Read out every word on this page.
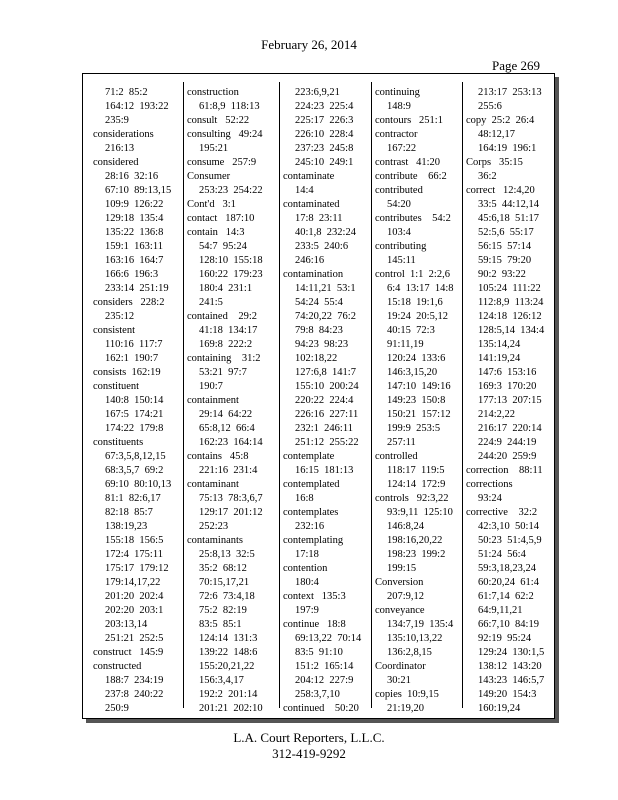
February 26, 2014
Page 269
71:2  85:2
164:12  193:22
235:9
considerations
216:13
considered
28:16  32:16
67:10  89:13,15
109:9  126:22
129:18  135:4
135:22  136:8
159:1  163:11
163:16  164:7
166:6  196:3
233:14  251:19
considers   228:2
235:12
consistent
110:16  117:7
162:1  190:7
consists  162:19
constituent
140:8  150:14
167:5  174:21
174:22  179:8
constituents
67:3,5,8,12,15
68:3,5,7  69:2
69:10  80:10,13
81:1  82:6,17
82:18  85:7
138:19,23
155:18  156:5
172:4  175:11
175:17  179:12
179:14,17,22
201:20  202:4
202:20  203:1
203:13,14
251:21  252:5
construct   145:9
constructed
188:7  234:19
237:8  240:22
250:9
construction
61:8,9  118:13
consult   52:22
consulting   49:24
195:21
consume   257:9
Consumer
253:23  254:22
Cont'd   3:1
contact   187:10
contain   14:3
54:7  95:24
128:10  155:18
160:22  179:23
180:4  231:1
241:5
contained    29:2
41:18  134:17
169:8  222:2
containing    31:2
53:21  97:7
190:7
containment
29:14  64:22
65:8,12  66:4
162:23  164:14
contains   45:8
221:16  231:4
contaminant
75:13  78:3,6,7
129:17  201:12
252:23
contaminants
25:8,13  32:5
35:2  68:12
70:15,17,21
72:6  73:4,18
75:2  82:19
83:5  85:1
124:14  131:3
139:22  148:6
155:20,21,22
156:3,4,17
192:2  201:14
201:21  202:10
223:6,9,21
224:23  225:4
225:17  226:3
226:10  228:4
237:23  245:8
245:10  249:1
contaminate
14:4
contaminated
17:8  23:11
40:1,8  232:24
233:5  240:6
246:16
contamination
14:11,21  53:1
54:24  55:4
74:20,22  76:2
79:8  84:23
94:23  98:23
102:18,22
127:6,8  141:7
155:10  200:24
220:22  224:4
226:16  227:11
232:1  246:11
251:12  255:22
contemplate
16:15  181:13
contemplated
16:8
contemplates
232:16
contemplating
17:18
contention
180:4
context   135:3
197:9
continue   18:8
69:13,22  70:14
83:5  91:10
151:2  165:14
204:12  227:9
258:3,7,10
continued    50:20
continuing
148:9
contours   251:1
contractor
167:22
contrast   41:20
contribute    66:2
contributed
54:20
contributes    54:2
103:4
contributing
145:11
control  1:1  2:2,6
6:4  13:17  14:8
15:18  19:1,6
19:24  20:5,12
40:15  72:3
91:11,19
120:24  133:6
146:3,15,20
147:10  149:16
149:23  150:8
150:21  157:12
199:9  253:5
257:11
controlled
118:17  119:5
124:14  172:9
controls   92:3,22
93:9,11  125:10
146:8,24
198:16,20,22
198:23  199:2
199:15
Conversion
207:9,12
conveyance
134:7,19  135:4
135:10,13,22
136:2,8,15
Coordinator
30:21
copies  10:9,15
21:19,20
213:17  253:13
255:6
copy  25:2  26:4
48:12,17
164:19  196:1
Corps   35:15
36:2
correct   12:4,20
33:5  44:12,14
45:6,18  51:17
52:5,6  55:17
56:15  57:14
59:15  79:20
90:2  93:22
105:24  111:22
112:8,9  113:24
124:18  126:12
128:5,14  134:4
135:14,24
141:19,24
147:6  153:16
169:3  170:20
177:13  207:15
214:2,22
216:17  220:14
224:9  244:19
244:20  259:9
correction    88:11
corrections
93:24
corrective    32:2
42:3,10  50:14
50:23  51:4,5,9
51:24  56:4
59:3,18,23,24
60:20,24  61:4
61:7,14  62:2
64:9,11,21
66:7,10  84:19
92:19  95:24
129:24  130:1,5
138:12  143:20
143:23  146:5,7
149:20  154:3
160:19,24
L.A. Court Reporters, L.L.C.
312-419-9292
